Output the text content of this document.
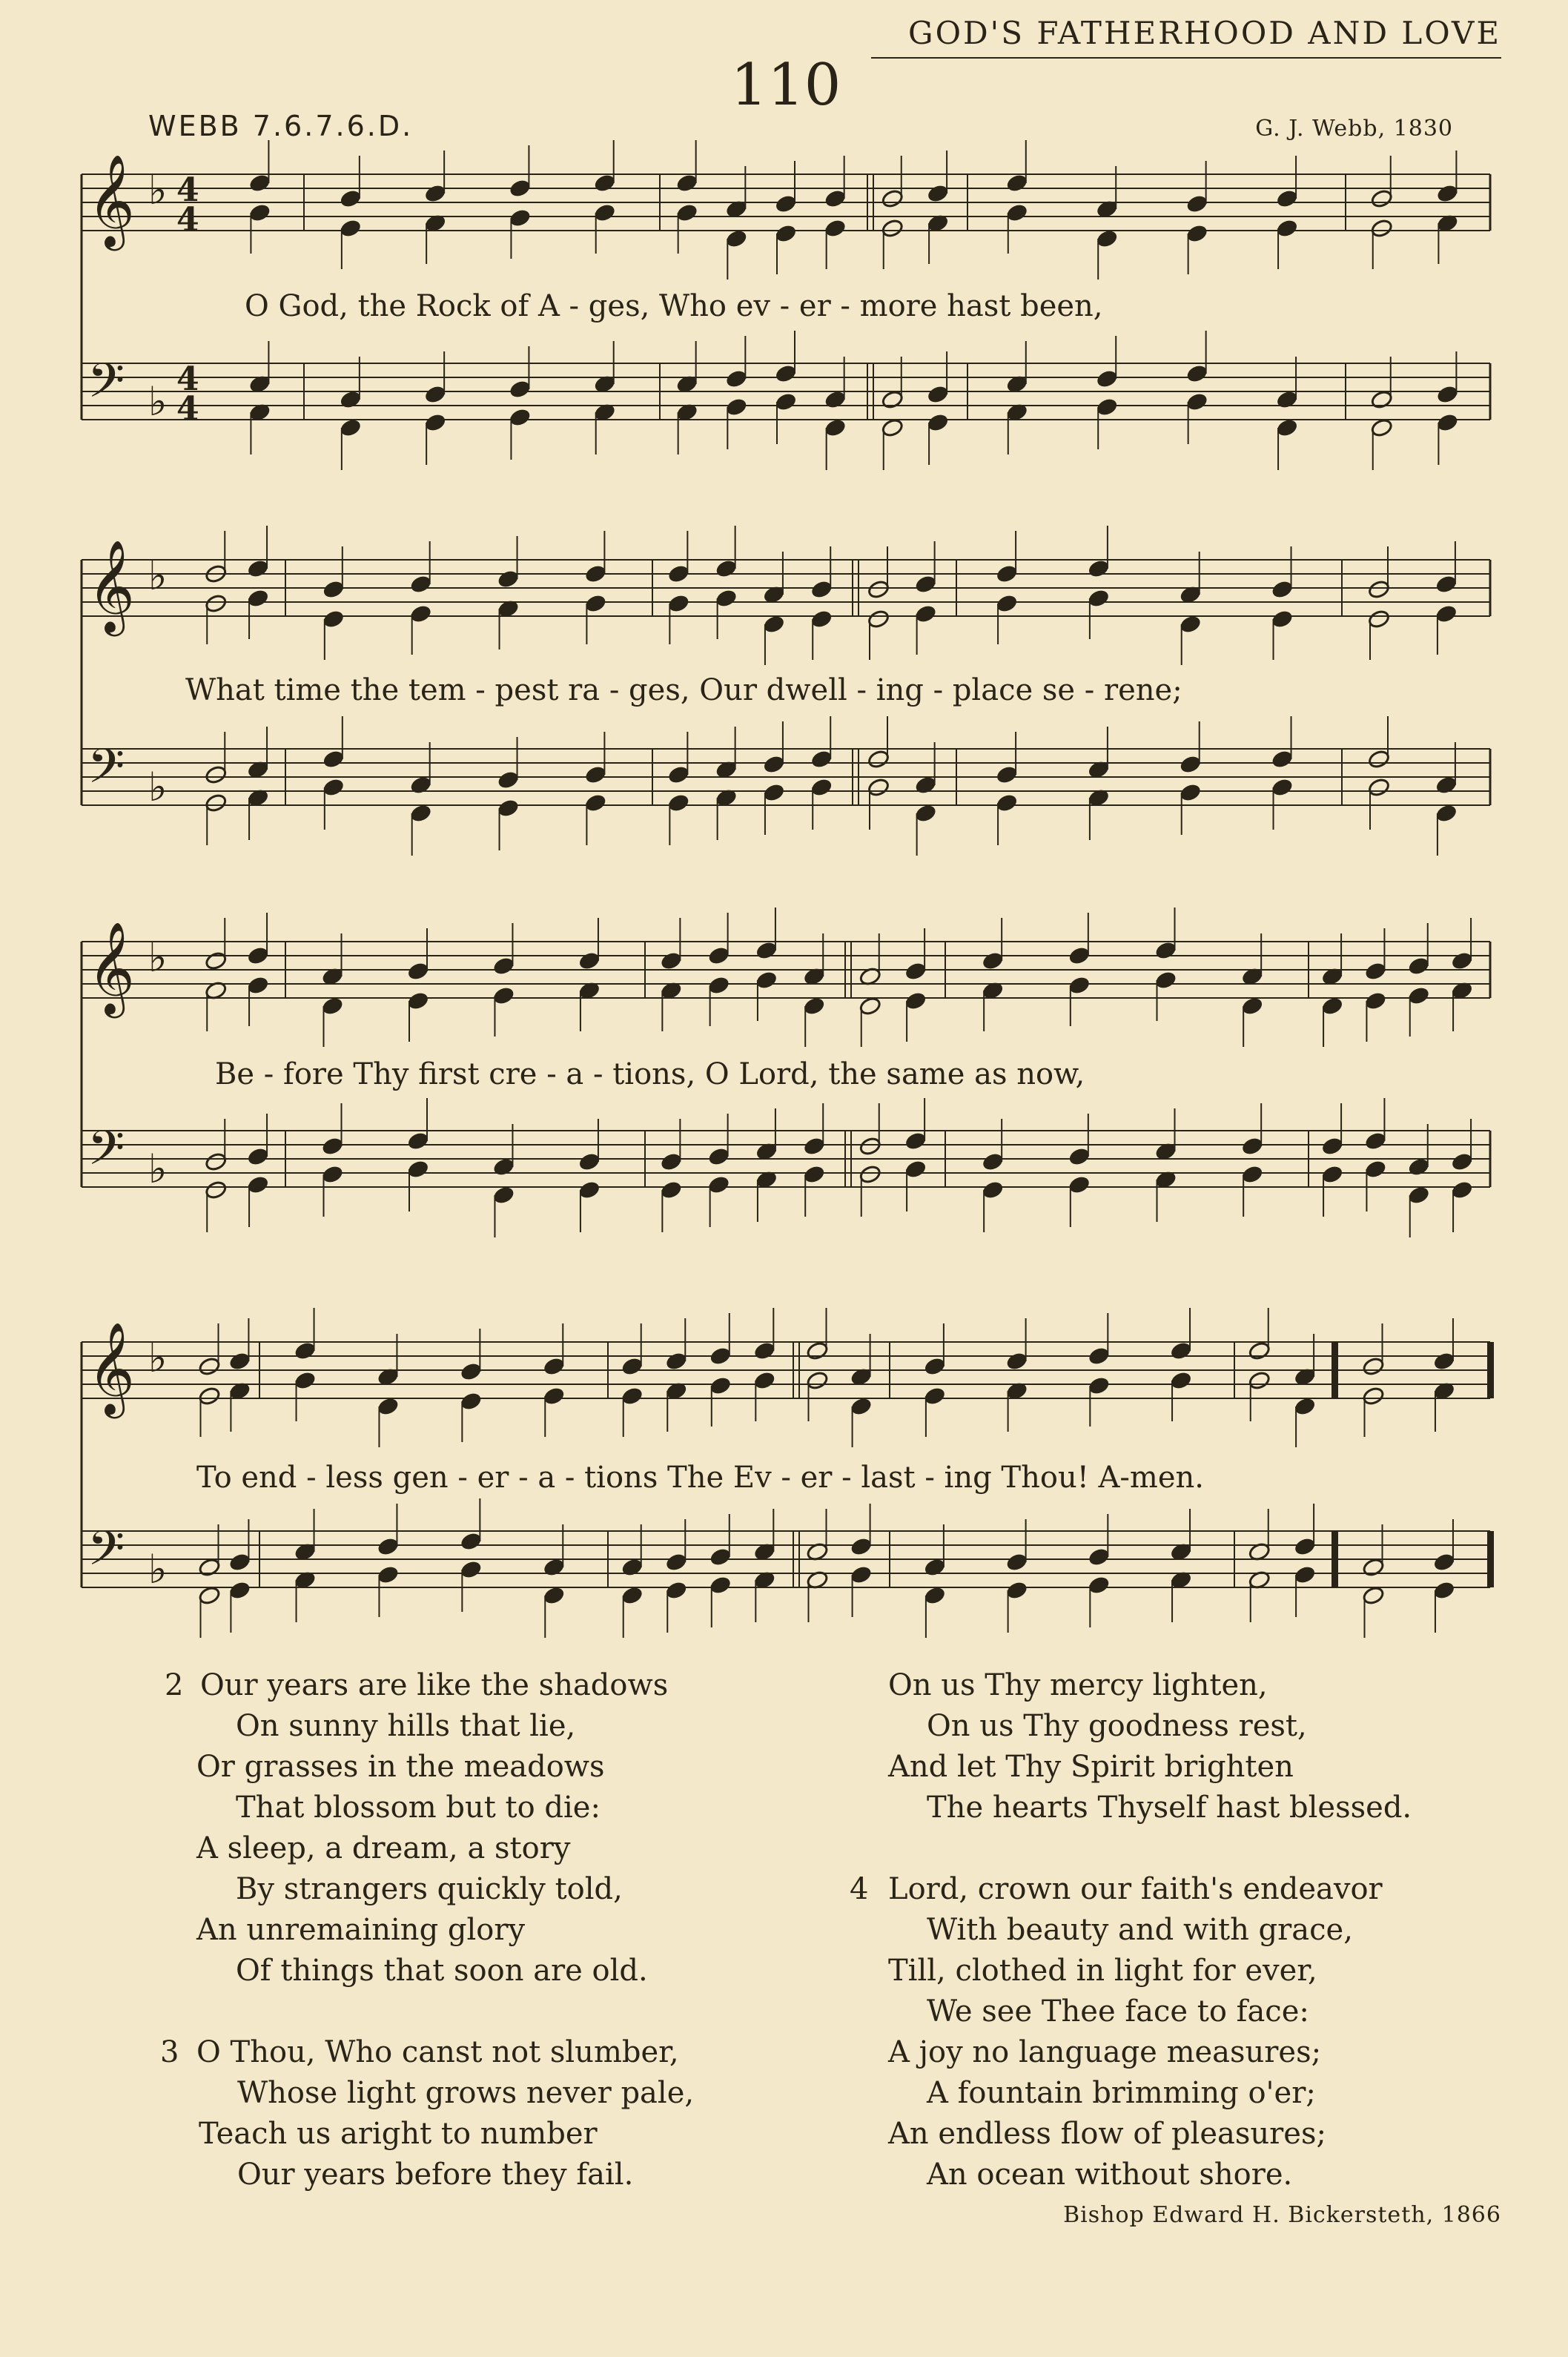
GOD'S FATHERHOOD AND LOVE
110
WEBB 7.6.7.6.D.	G. J. Webb, 1830
𝄞 ♭ 4
4
𝄢 ♭ 4
4
𝄞 ♭
𝄢 ♭
𝄞 ♭
𝄢 ♭
𝄞 ♭
𝄢 ♭
O God, the Rock of A - ges, Who ev - er - more hast been,
What time the tem - pest ra - ges, Our dwell - ing - place se - rene;
Be - fore Thy first cre - a - tions, O Lord, the same as now,
To end - less gen - er - a - tions The Ev - er - last - ing Thou! A-men.
2 Our years are like the shadows
On sunny hills that lie,
Or grasses in the meadows
That blossom but to die:
A sleep, a dream, a story
By strangers quickly told,
An unremaining glory
Of things that soon are old.
3 O Thou, Who canst not slumber,
Whose light grows never pale,
Teach us aright to number
Our years before they fail.
On us Thy mercy lighten,
On us Thy goodness rest,
And let Thy Spirit brighten
The hearts Thyself hast blessed.
4 Lord, crown our faith's endeavor
With beauty and with grace,
Till, clothed in light for ever,
We see Thee face to face:
A joy no language measures;
A fountain brimming o'er;
An endless flow of pleasures;
An ocean without shore.
Bishop Edward H. Bickersteth, 1866
